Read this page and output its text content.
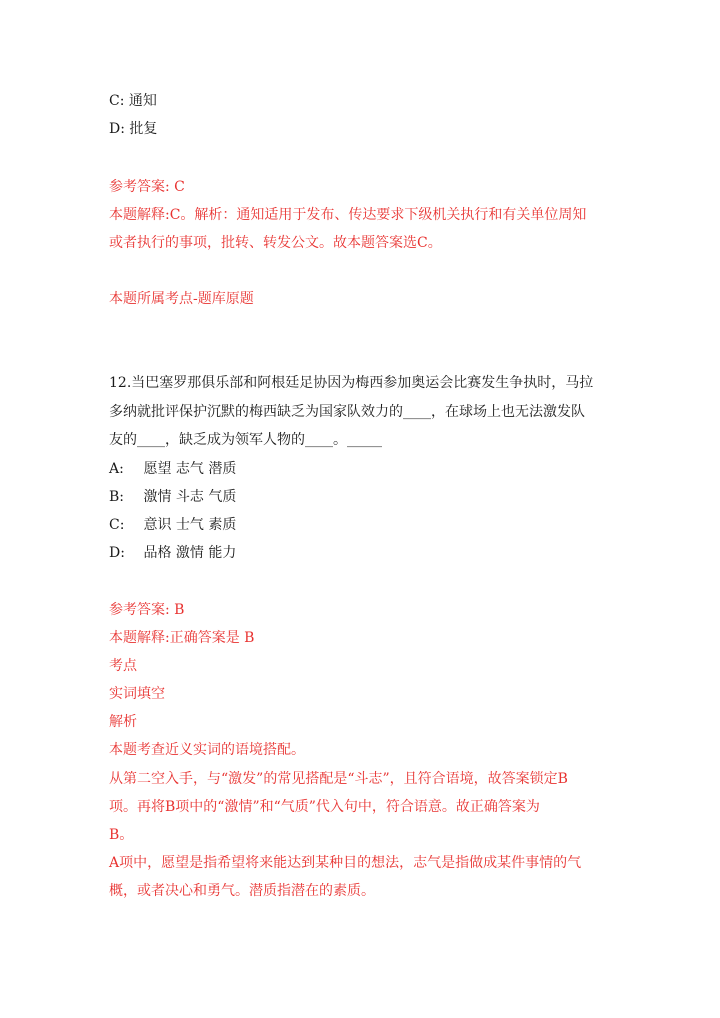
C: 通知
D: 批复
参考答案: C
本题解释:C。解析：通知适用于发布、传达要求下级机关执行和有关单位周知
或者执行的事项，批转、转发公文。故本题答案选C。
本题所属考点-题库原题
12.当巴塞罗那俱乐部和阿根廷足协因为梅西参加奥运会比赛发生争执时，马拉
多纳就批评保护沉默的梅西缺乏为国家队效力的____，在球场上也无法激发队
友的____，缺乏成为领军人物的____。_____
A: 愿望 志气 潜质
B: 激情 斗志 气质
C: 意识 士气 素质
D: 品格 激情 能力
参考答案: B
本题解释:正确答案是 B
考点
实词填空
解析
本题考查近义实词的语境搭配。
从第二空入手，与“激发”的常见搭配是“斗志”，且符合语境，故答案锁定B
项。再将B项中的“激情”和“气质”代入句中，符合语意。故正确答案为
B。
A项中，愿望是指希望将来能达到某种目的想法，志气是指做成某件事情的气
概，或者决心和勇气。潜质指潜在的素质。
